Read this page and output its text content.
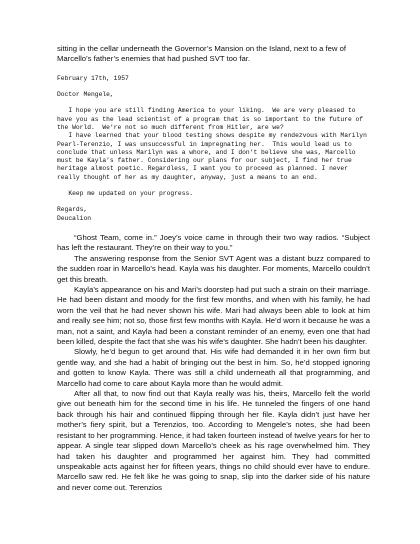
sitting in the cellar underneath the Governor’s Mansion on the Island, next to a few of Marcello’s father’s enemies that had pushed SVT too far.

February 17th, 1957
Doctor Mengele,
I hope you are still finding America to your liking.  We are very pleased to have you as the lead scientist of a program that is so important to the future of the World.  We’re not so much different from Hitler, are we?
I have learned that your blood testing shows despite my rendezvous with Marilyn Pearl-Terenzio, I was unsuccessful in impregnating her.  This would lead us to conclude that unless Marilyn was a whore, and I don’t believe she was, Marcello must be Kayla’s father. Considering our plans for our subject, I find her true heritage almost poetic. Regardless, I want you to proceed as planned. I never really thought of her as my daughter, anyway, just a means to an end.
Keep me updated on your progress.
Regards,
Deucalion

“Ghost Team, come in.” Joey’s voice came in through their two way radios. “Subject has left the restaurant. They’re on their way to you.”

The answering response from the Senior SVT Agent was a distant buzz compared to the sudden roar in Marcello’s head. Kayla was his daughter. For moments, Marcello couldn’t get this breath.

Kayla’s appearance on his and Mari’s doorstep had put such a strain on their marriage. He had been distant and moody for the first few months, and when with his family, he had worn the veil that he had never shown his wife. Mari had always been able to look at him and really see him; not so, those first few months with Kayla. He’d worn it because he was a man, not a saint, and Kayla had been a constant reminder of an enemy, even one that had been killed, despite the fact that she was his wife’s daughter. She hadn’t been his daughter.

Slowly, he’d begun to get around that. His wife had demanded it in her own firm but gentle way, and she had a habit of bringing out the best in him. So, he’d stopped ignoring and gotten to know Kayla. There was still a child underneath all that programming, and Marcello had come to care about Kayla more than he would admit.

After all that, to now find out that Kayla really was his, theirs, Marcello felt the world give out beneath him for the second time in his life. He tunneled the fingers of one hand back through his hair and continued flipping through her file. Kayla didn’t just have her mother’s fiery spirit, but a Terenzios, too. According to Mengele’s notes, she had been resistant to her programming. Hence, it had taken fourteen instead of twelve years for her to appear. A single tear slipped down Marcello’s cheek as his rage overwhelmed him. They had taken his daughter and programmed her against him. They had committed unspeakable acts against her for fifteen years, things no child should ever have to endure. Marcello saw red. He felt like he was going to snap, slip into the darker side of his nature and never come out. Terenzios
